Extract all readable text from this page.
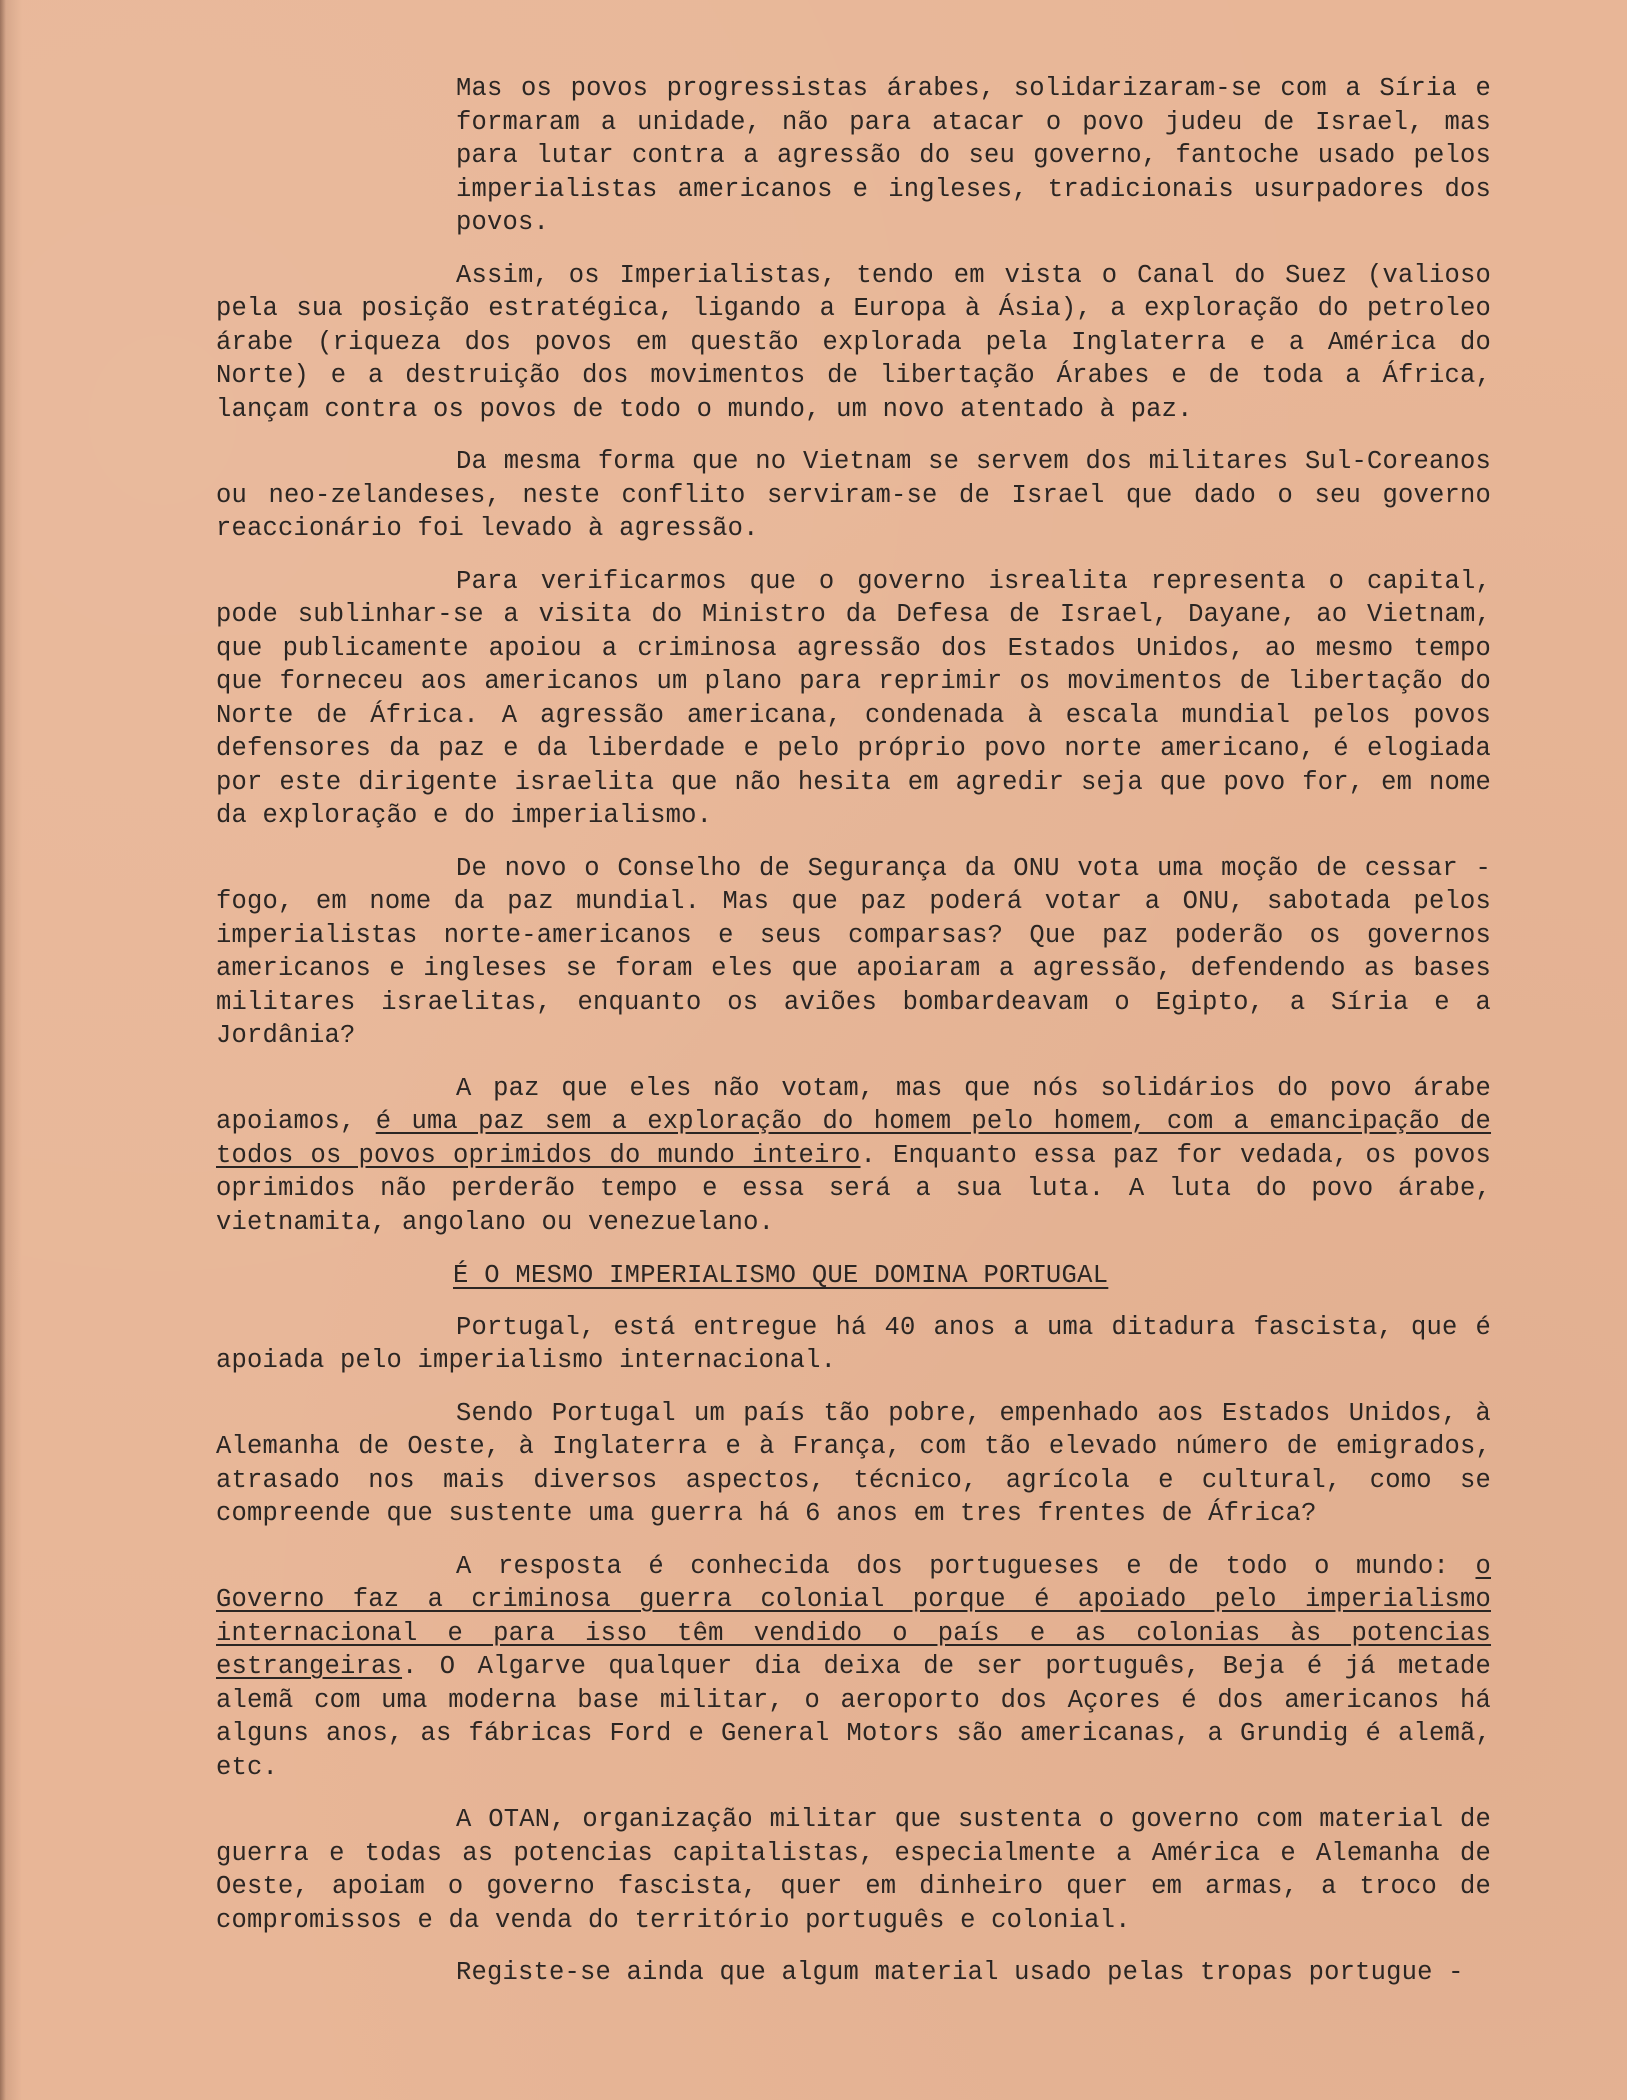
Mas os povos progressistas árabes, solidarizaram-se com a Síria e formaram a unidade, não para atacar o povo judeu de Israel, mas para lutar contra a agressão do seu governo, fantoche usado pelos imperialistas americanos e ingleses, tradicionais usurpadores dos povos.

Assim, os Imperialistas, tendo em vista o Canal do Suez (valioso pela sua posição estratégica, ligando a Europa à Ásia), a exploração do petroleo árabe (riqueza dos povos em questão explorada pela Inglaterra e a América do Norte) e a destruição dos movimentos de libertação Árabes e de toda a África, lançam contra os povos de todo o mundo, um novo atentado à paz.

Da mesma forma que no Vietnam se servem dos militares Sul-Coreanos ou neo-zelandeses, neste conflito serviram-se de Israel que dado o seu governo reaccionário foi levado à agressão.

Para verificarmos que o governo isrealita representa o capital, pode sublinhar-se a visita do Ministro da Defesa de Israel, Dayane, ao Vietnam, que publicamente apoiou a criminosa agressão dos Estados Unidos, ao mesmo tempo que forneceu aos americanos um plano para reprimir os movimentos de libertação do Norte de África. A agressão americana, condenada à escala mundial pelos povos defensores da paz e da liberdade e pelo próprio povo norte americano, é elogiada por este dirigente israelita que não hesita em agredir seja que povo for, em nome da exploração e do imperialismo.

De novo o Conselho de Segurança da ONU vota uma moção de cessar -fogo, em nome da paz mundial. Mas que paz poderá votar a ONU, sabotada pelos imperialistas norte-americanos e seus comparsas? Que paz poderão os governos americanos e ingleses se foram eles que apoiaram a agressão, defendendo as bases militares israelitas, enquanto os aviões bombardeavam o Egipto, a Síria e a Jordânia?

A paz que eles não votam, mas que nós solidários do povo árabe apoiamos, é uma paz sem a exploração do homem pelo homem, com a emancipação de todos os povos oprimidos do mundo inteiro. Enquanto essa paz for vedada, os povos oprimidos não perderão tempo e essa será a sua luta. A luta do povo árabe, vietnamita, angolano ou venezuelano.

É O MESMO IMPERIALISMO QUE DOMINA PORTUGAL

Portugal, está entregue há 40 anos a uma ditadura fascista, que é apoiada pelo imperialismo internacional.

Sendo Portugal um país tão pobre, empenhado aos Estados Unidos, à Alemanha de Oeste, à Inglaterra e à França, com tão elevado número de emigrados, atrasado nos mais diversos aspectos, técnico, agrícola e cultural, como se compreende que sustente uma guerra há 6 anos em tres frentes de África?

A resposta é conhecida dos portugueses e de todo o mundo: o Governo faz a criminosa guerra colonial porque é apoiado pelo imperialismo internacional e para isso têm vendido o país e as colonias às potencias estrangeiras. O Algarve qualquer dia deixa de ser português, Beja é já metade alemã com uma moderna base militar, o aeroporto dos Açores é dos americanos há alguns anos, as fábricas Ford e General Motors são americanas, a Grundig é alemã, etc.

A OTAN, organização militar que sustenta o governo com material de guerra e todas as potencias capitalistas, especialmente a América e Alemanha de Oeste, apoiam o governo fascista, quer em dinheiro quer em armas, a troco de compromissos e da venda do território português e colonial.

Registe-se ainda que algum material usado pelas tropas portugue -
